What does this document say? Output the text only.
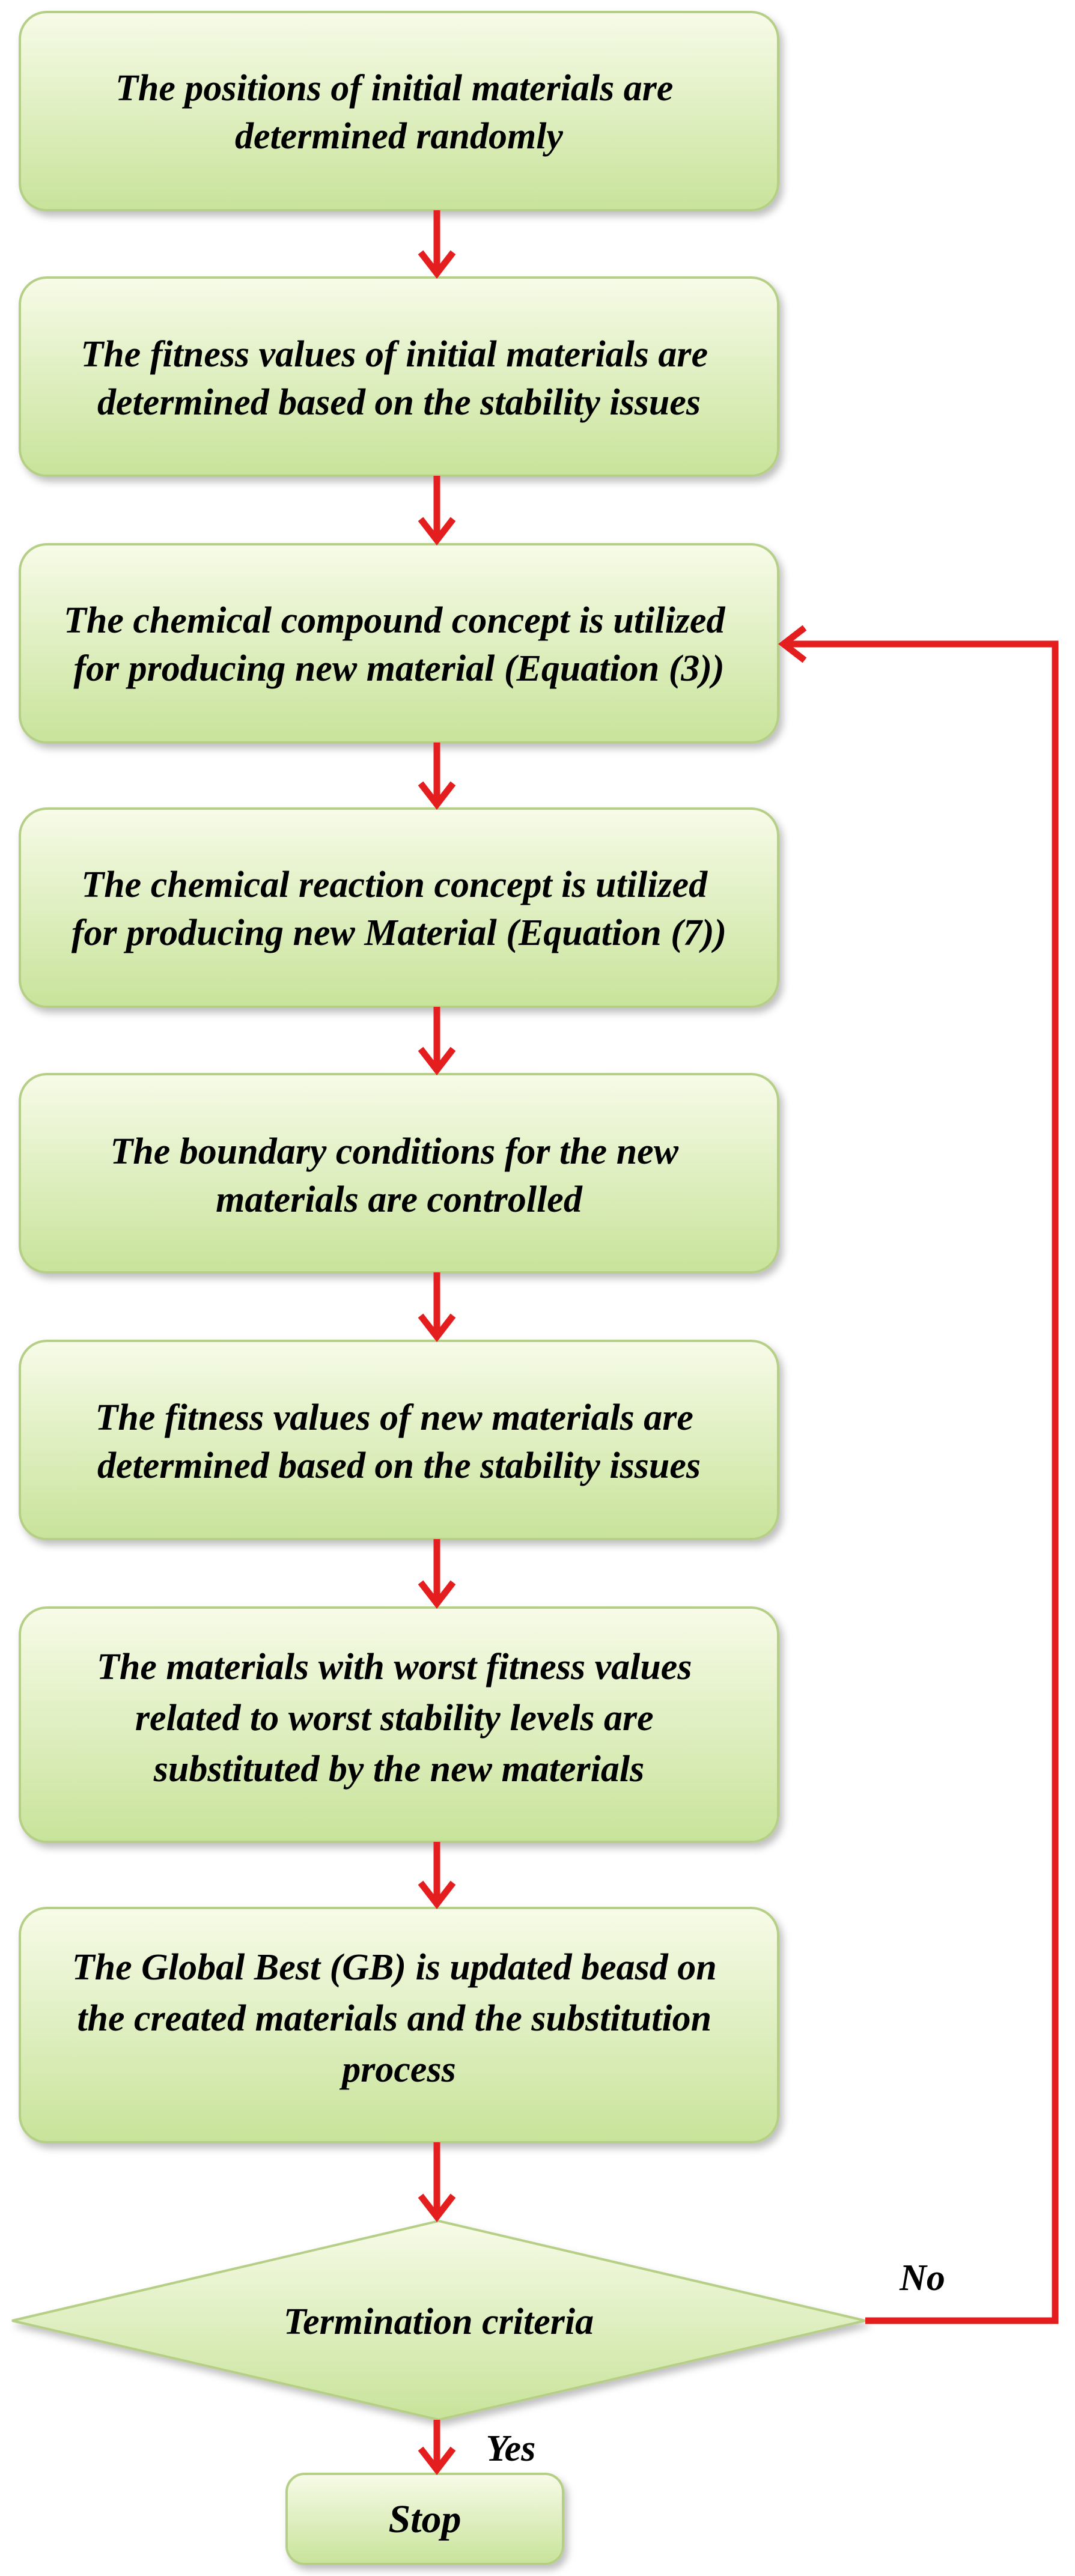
The positions of initial materials are determined randomly
The fitness values of initial materials are determined based on the stability issues
The chemical compound concept is utilized for producing new material (Equation (3))
The chemical reaction concept is utilized for producing new Material (Equation (7))
The boundary conditions for the new materials are controlled
The fitness values of new materials are determined based on the stability issues
The materials with worst fitness values related to worst stability levels are substituted by the new materials
The Global Best (GB) is updated beasd on the created materials and the substitution process
Termination criteria
Stop
No
Yes
